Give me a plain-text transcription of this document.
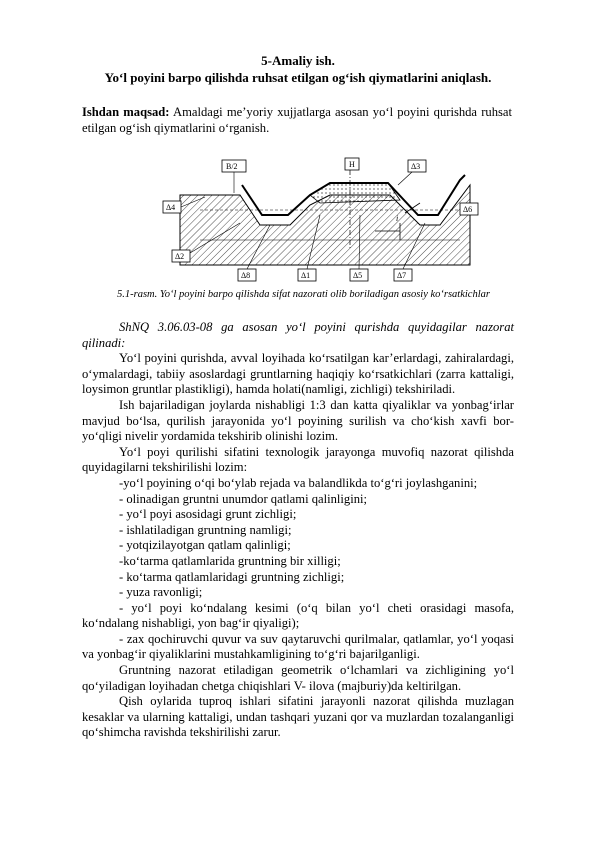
5-Amaliy ish.
Yo‘l poyini barpo qilishda ruhsat etilgan og‘ish qiymatlarini aniqlash.
Ishdan maqsad: Amaldagi me’yoriy xujjatlarga asosan yo‘l poyini qurishda ruhsat etilgan og‘ish qiymatlarini o‘rganish.
B/2	H	Δ3
Δ4	Δ6
Δ2
Δ8	Δ1	Δ5	Δ7
i
5.1-rasm. Yo‘l poyini barpo qilishda sifat nazorati olib boriladigan asosiy ko‘rsatkichlar

ShNQ 3.06.03-08 ga asosan yo‘l poyini qurishda quyidagilar nazorat qilinadi:

Yo‘l poyini qurishda, avval loyihada ko‘rsatilgan kar’erlardagi, zahiralardagi, o‘ymalardagi, tabiiy asoslardagi gruntlarning haqiqiy ko‘rsatkichlari (zarra kattaligi, loysimon gruntlar plastikligi), hamda holati(namligi, zichligi) tekshiriladi.

Ish bajariladigan joylarda nishabligi 1:3 dan katta qiyaliklar va yonbag‘irlar mavjud bo‘lsa, qurilish jarayonida yo‘l poyining surilish va cho‘kish xavfi bor-yo‘qligi nivelir yordamida tekshirib olinishi lozim.

Yo‘l poyi qurilishi sifatini texnologik jarayonga muvofiq nazorat qilishda quyidagilarni tekshirilishi lozim:

-yo‘l poyining o‘qi bo‘ylab rejada va balandlikda to‘g‘ri joylashganini;

- olinadigan gruntni unumdor qatlami qalinligini;

- yo‘l poyi asosidagi grunt zichligi;

- ishlatiladigan gruntning namligi;

- yotqizilayotgan qatlam qalinligi;

-ko‘tarma qatlamlarida gruntning bir xilligi;

- ko‘tarma qatlamlaridagi gruntning zichligi;

- yuza ravonligi;

- yo‘l poyi ko‘ndalang kesimi (o‘q bilan yo‘l cheti orasidagi masofa, ko‘ndalang nishabligi, yon bag‘ir qiyaligi);

- zax qochiruvchi quvur va suv qaytaruvchi qurilmalar, qatlamlar, yo‘l yoqasi va yonbag‘ir qiyaliklarini mustahkamligining to‘g‘ri bajarilganligi.

Gruntning nazorat etiladigan geometrik o‘lchamlari va zichligining yo‘l qo‘yiladigan loyihadan chetga chiqishlari V- ilova (majburiy)da keltirilgan.

Qish oylarida tuproq ishlari sifatini jarayonli nazorat qilishda muzlagan kesaklar va ularning kattaligi, undan tashqari yuzani qor va muzlardan tozalanganligi qo‘shimcha ravishda tekshirilishi zarur.
